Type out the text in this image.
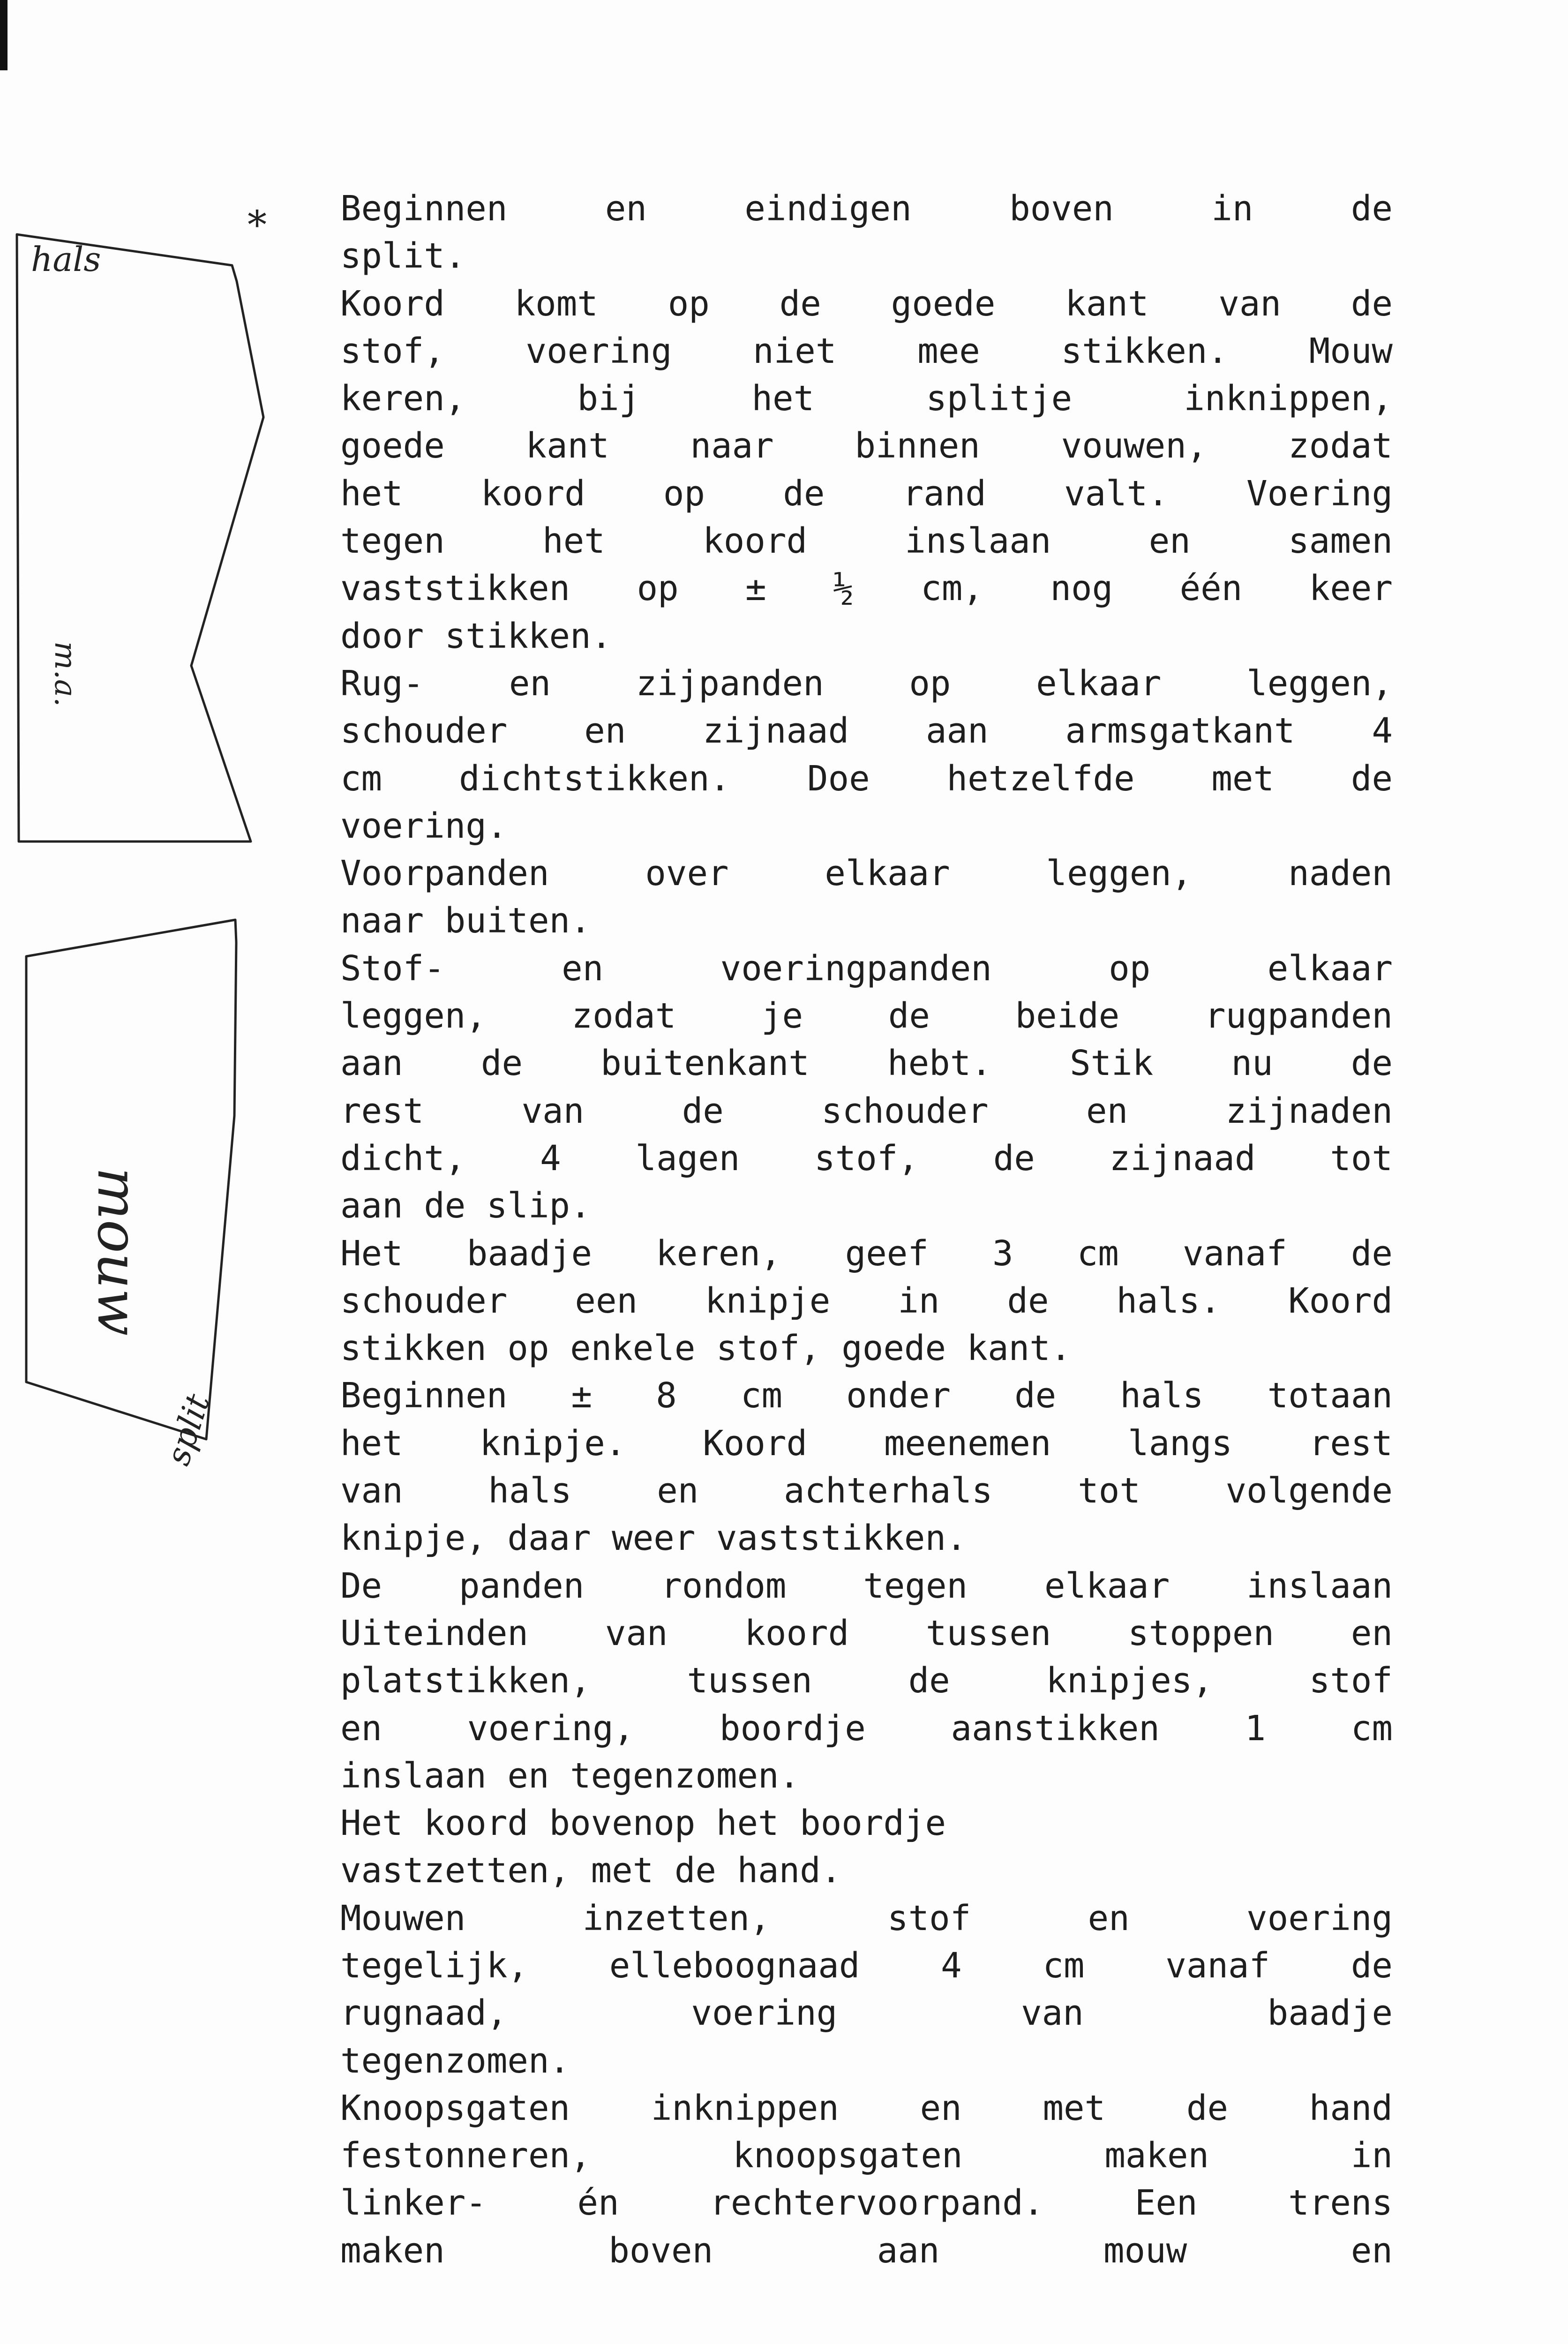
*
hals
m.a.
mouw
split
Beginnen en eindigen boven in de
split.
Koord komt op de goede kant van de
stof, voering niet mee stikken. Mouw
keren, bij het splitje inknippen,
goede kant naar binnen vouwen, zodat
het koord op de rand valt. Voering
tegen het koord inslaan en samen
vaststikken op ± ½ cm, nog één keer
door stikken.
Rug- en zijpanden op elkaar leggen,
schouder en zijnaad aan armsgatkant 4
cm dichtstikken. Doe hetzelfde met de
voering.
Voorpanden over elkaar leggen, naden
naar buiten.
Stof- en voeringpanden op elkaar
leggen, zodat je de beide rugpanden
aan de buitenkant hebt. Stik nu de
rest van de schouder en zijnaden
dicht, 4 lagen stof, de zijnaad tot
aan de slip.
Het baadje keren, geef 3 cm vanaf de
schouder een knipje in de hals. Koord
stikken op enkele stof, goede kant.
Beginnen ± 8 cm onder de hals totaan
het knipje. Koord meenemen langs rest
van hals en achterhals tot volgende
knipje, daar weer vaststikken.
De panden rondom tegen elkaar inslaan
Uiteinden van koord tussen stoppen en
platstikken, tussen de knipjes, stof
en voering, boordje aanstikken 1 cm
inslaan en tegenzomen.
Het koord bovenop het boordje
vastzetten, met de hand.
Mouwen inzetten, stof en voering
tegelijk, elleboognaad 4 cm vanaf de
rugnaad, voering van baadje
tegenzomen.
Knoopsgaten inknippen en met de hand
festonneren, knoopsgaten maken in
linker- én rechtervoorpand. Een trens
maken boven aan mouw en
